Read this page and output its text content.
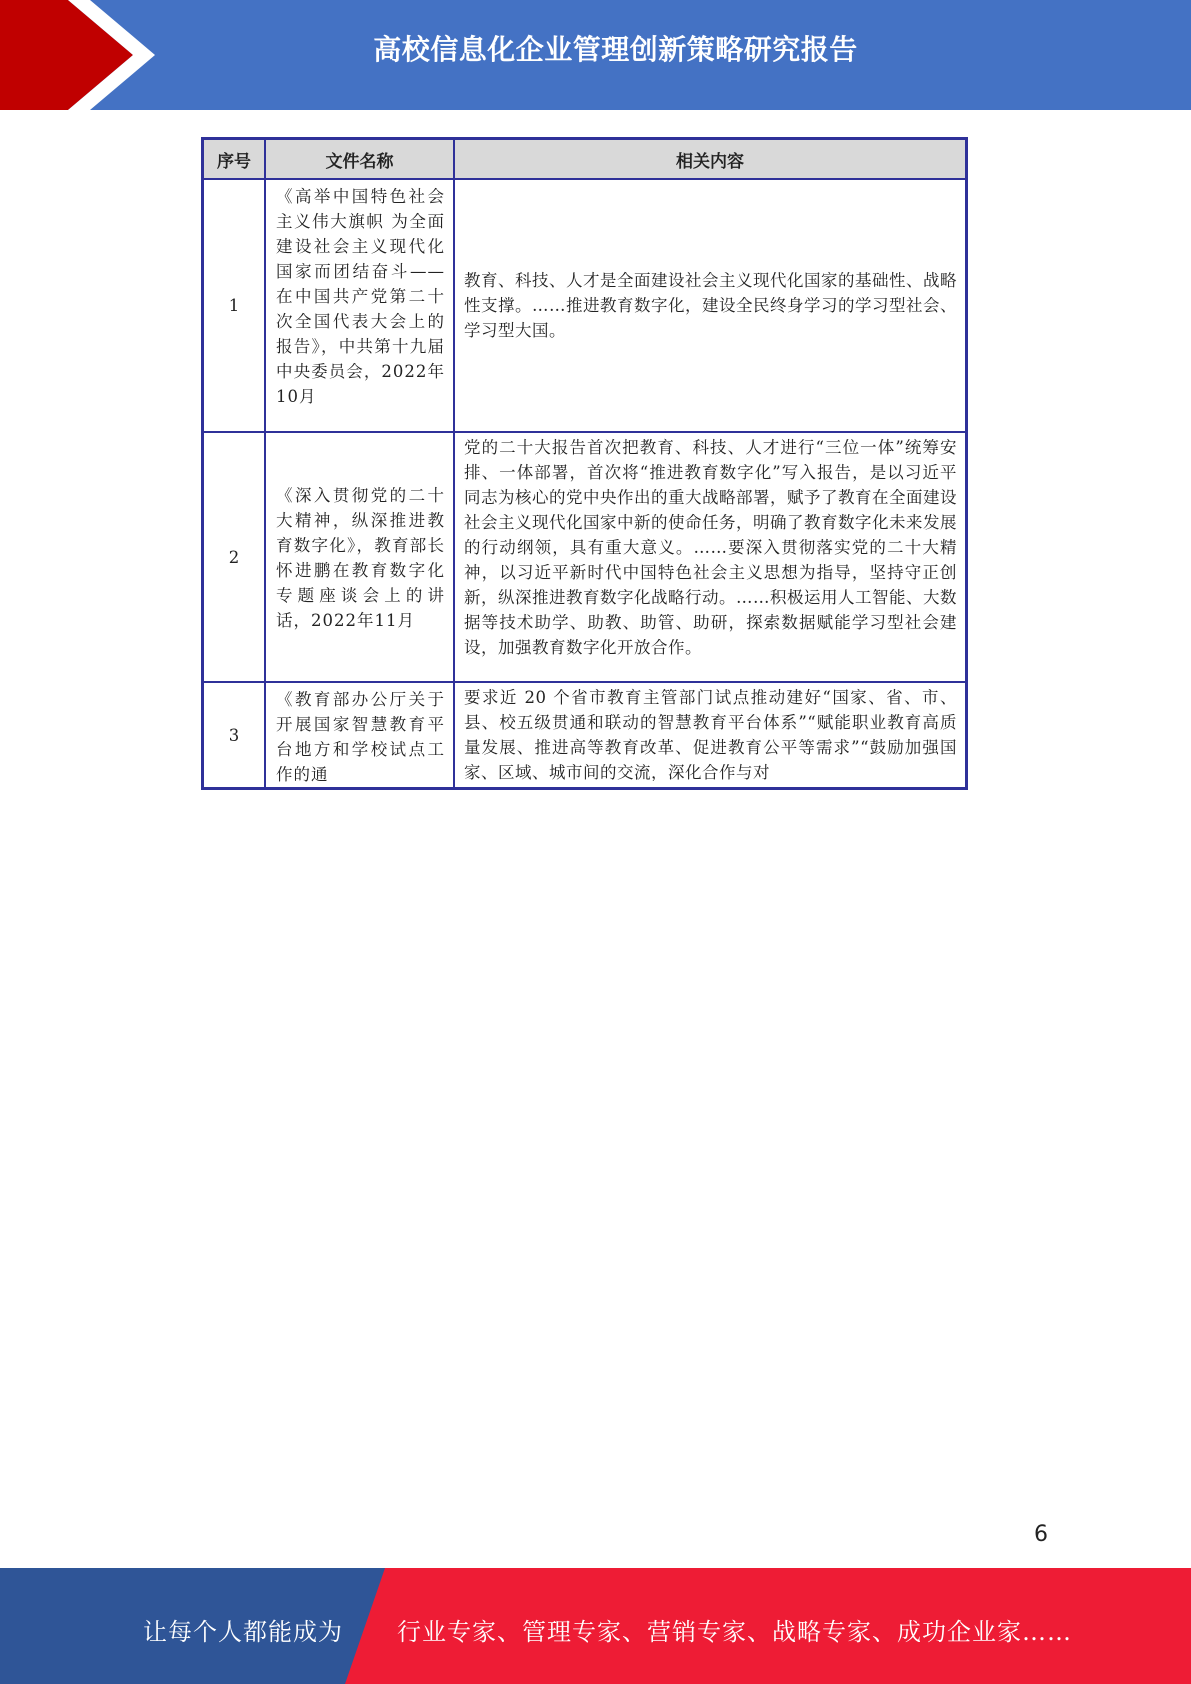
高校信息化企业管理创新策略研究报告
序号	文件名称	相关内容
1	《高举中国特色社会主义伟大旗帜 为全面建设社会主义现代化国家而团结奋斗——在中国共产党第二十次全国代表大会上的报告》，中共第十九届中央委员会，2022年10月	教育、科技、人才是全面建设社会主义现代化国家的基础性、战略性支撑。……推进教育数字化，建设全民终身学习的学习型社会、学习型大国。
2	《深入贯彻党的二十大精神，纵深推进教育数字化》，教育部长怀进鹏在教育数字化专题座谈会上的讲话，2022年11月	党的二十大报告首次把教育、科技、人才进行“三位一体”统筹安排、一体部署，首次将“推进教育数字化”写入报告，是以习近平同志为核心的党中央作出的重大战略部署，赋予了教育在全面建设社会主义现代化国家中新的使命任务，明确了教育数字化未来发展的行动纲领，具有重大意义。……要深入贯彻落实党的二十大精神，以习近平新时代中国特色社会主义思想为指导，坚持守正创新，纵深推进教育数字化战略行动。……积极运用人工智能、大数据等技术助学、助教、助管、助研，探索数据赋能学习型社会建设，加强教育数字化开放合作。
3	《教育部办公厅关于开展国家智慧教育平台地方和学校试点工作的通	要求近 20 个省市教育主管部门试点推动建好“国家、省、市、县、校五级贯通和联动的智慧教育平台体系”“赋能职业教育高质量发展、推进高等教育改革、促进教育公平等需求”“鼓励加强国家、区域、城市间的交流，深化合作与对
6
让每个人都能成为 行业专家、管理专家、营销专家、战略专家、成功企业家……
